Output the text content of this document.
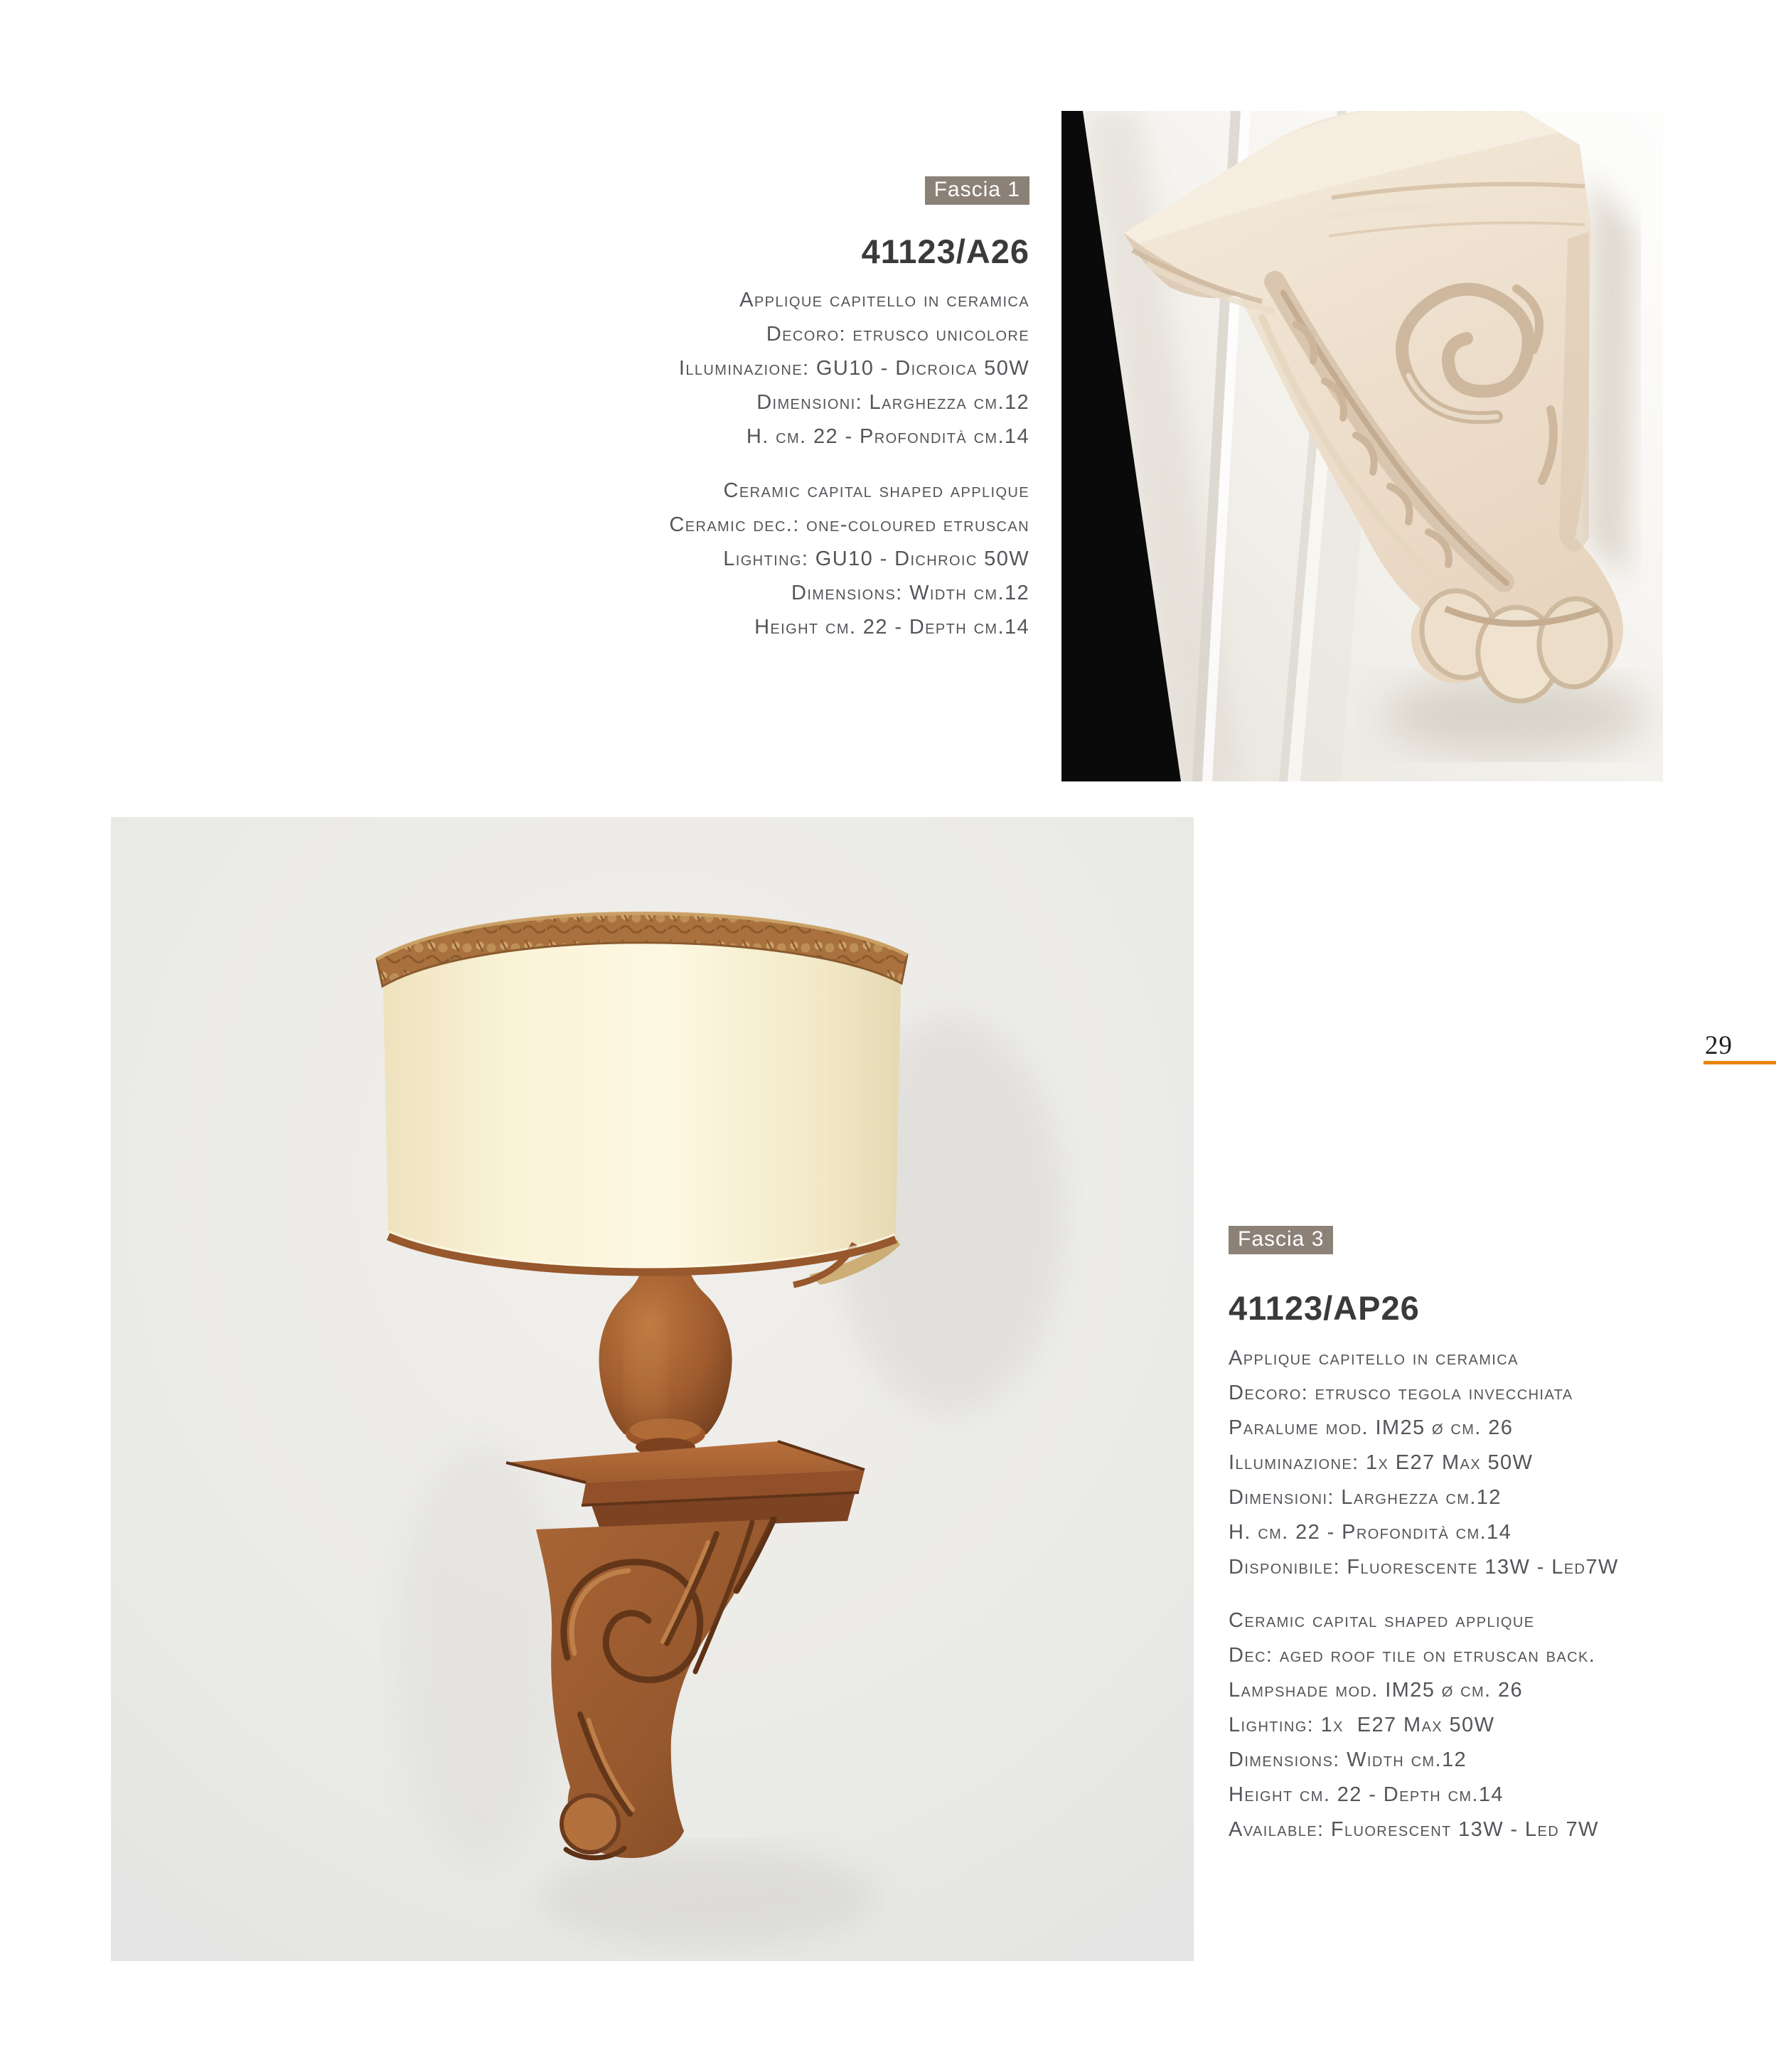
Fascia 1
41123/A26
Applique capitello in ceramica
Decoro: etrusco unicolore
Illuminazione: GU10 - Dicroica 50W
Dimensioni: Larghezza cm.12
H. cm. 22 - Profondità cm.14
Ceramic capital shaped applique
Ceramic dec.: one-coloured etruscan
Lighting: GU10 - Dichroic 50W
Dimensions: Width cm.12
Height cm. 22 - Depth cm.14
29
Fascia 3
41123/AP26
Applique capitello in ceramica
Decoro: etrusco tegola invecchiata
Paralume mod. IM25 ø cm. 26
Illuminazione: 1x E27 Max 50W
Dimensioni: Larghezza cm.12
H. cm. 22 - Profondità cm.14
Disponibile: Fluorescente 13W - Led7W
Ceramic capital shaped applique
Dec: aged roof tile on etruscan back.
Lampshade mod. IM25 ø cm. 26
Lighting: 1x  E27 Max 50W
Dimensions: Width cm.12
Height cm. 22 - Depth cm.14
Available: Fluorescent 13W - Led 7W
